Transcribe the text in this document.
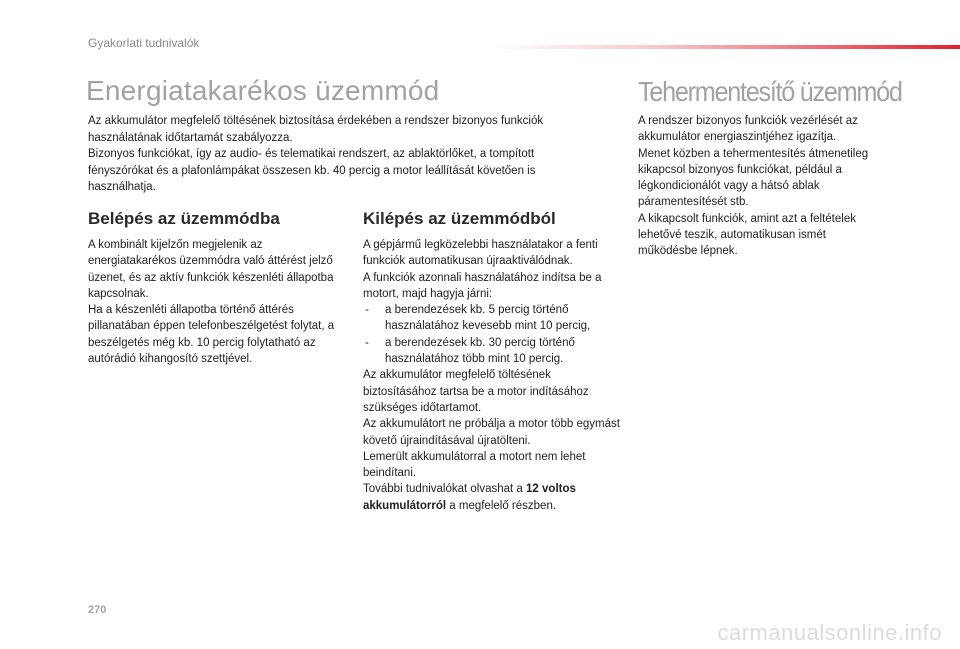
Gyakorlati tudnivalók
Energiatakarékos üzemmód	Tehermentesítő üzemmód

Az akkumulátor megfelelő töltésének biztosítása érdekében a rendszer bizonyos funkciók használatának időtartamát szabályozza.

Bizonyos funkciókat, így az audio- és telematikai rendszert, az ablaktörlőket, a tompított fényszórókat és a plafonlámpákat összesen kb. 40 percig a motor leállítását követően is használhatja.

Belépés az üzemmódba	Kilépés az üzemmódból

A kombinált kijelzőn megjelenik az energiatakarékos üzemmódra való áttérést jelző üzenet, és az aktív funkciók készenléti állapotba kapcsolnak.

Ha a készenléti állapotba történő áttérés pillanatában éppen telefonbeszélgetést folytat, a beszélgetés még kb. 10 percig folytatható az autórádió kihangosító szettjével.

A gépjármű legközelebbi használatakor a fenti funkciók automatikusan újraaktiválódnak.

A funkciók azonnali használatához indítsa be a motort, majd hagyja járni:

- a berendezések kb. 5 percig történő használatához kevesebb mint 10 percig,
- a berendezések kb. 30 percig történő használatához több mint 10 percig.

Az akkumulátor megfelelő töltésének biztosításához tartsa be a motor indításához szükséges időtartamot.

Az akkumulátort ne próbálja a motor több egymást követő újraindításával újratölteni.

Lemerült akkumulátorral a motort nem lehet beindítani.

További tudnivalókat olvashat a 12 voltos akkumulátorról a megfelelő részben.

A rendszer bizonyos funkciók vezérlését az akkumulátor energiaszintjéhez igazítja.

Menet közben a tehermentesítés átmenetileg kikapcsol bizonyos funkciókat, például a légkondicionálót vagy a hátsó ablak páramentesítését stb.

A kikapcsolt funkciók, amint azt a feltételek lehetővé teszik, automatikusan ismét működésbe lépnek.

270
carmanualsonline.info
